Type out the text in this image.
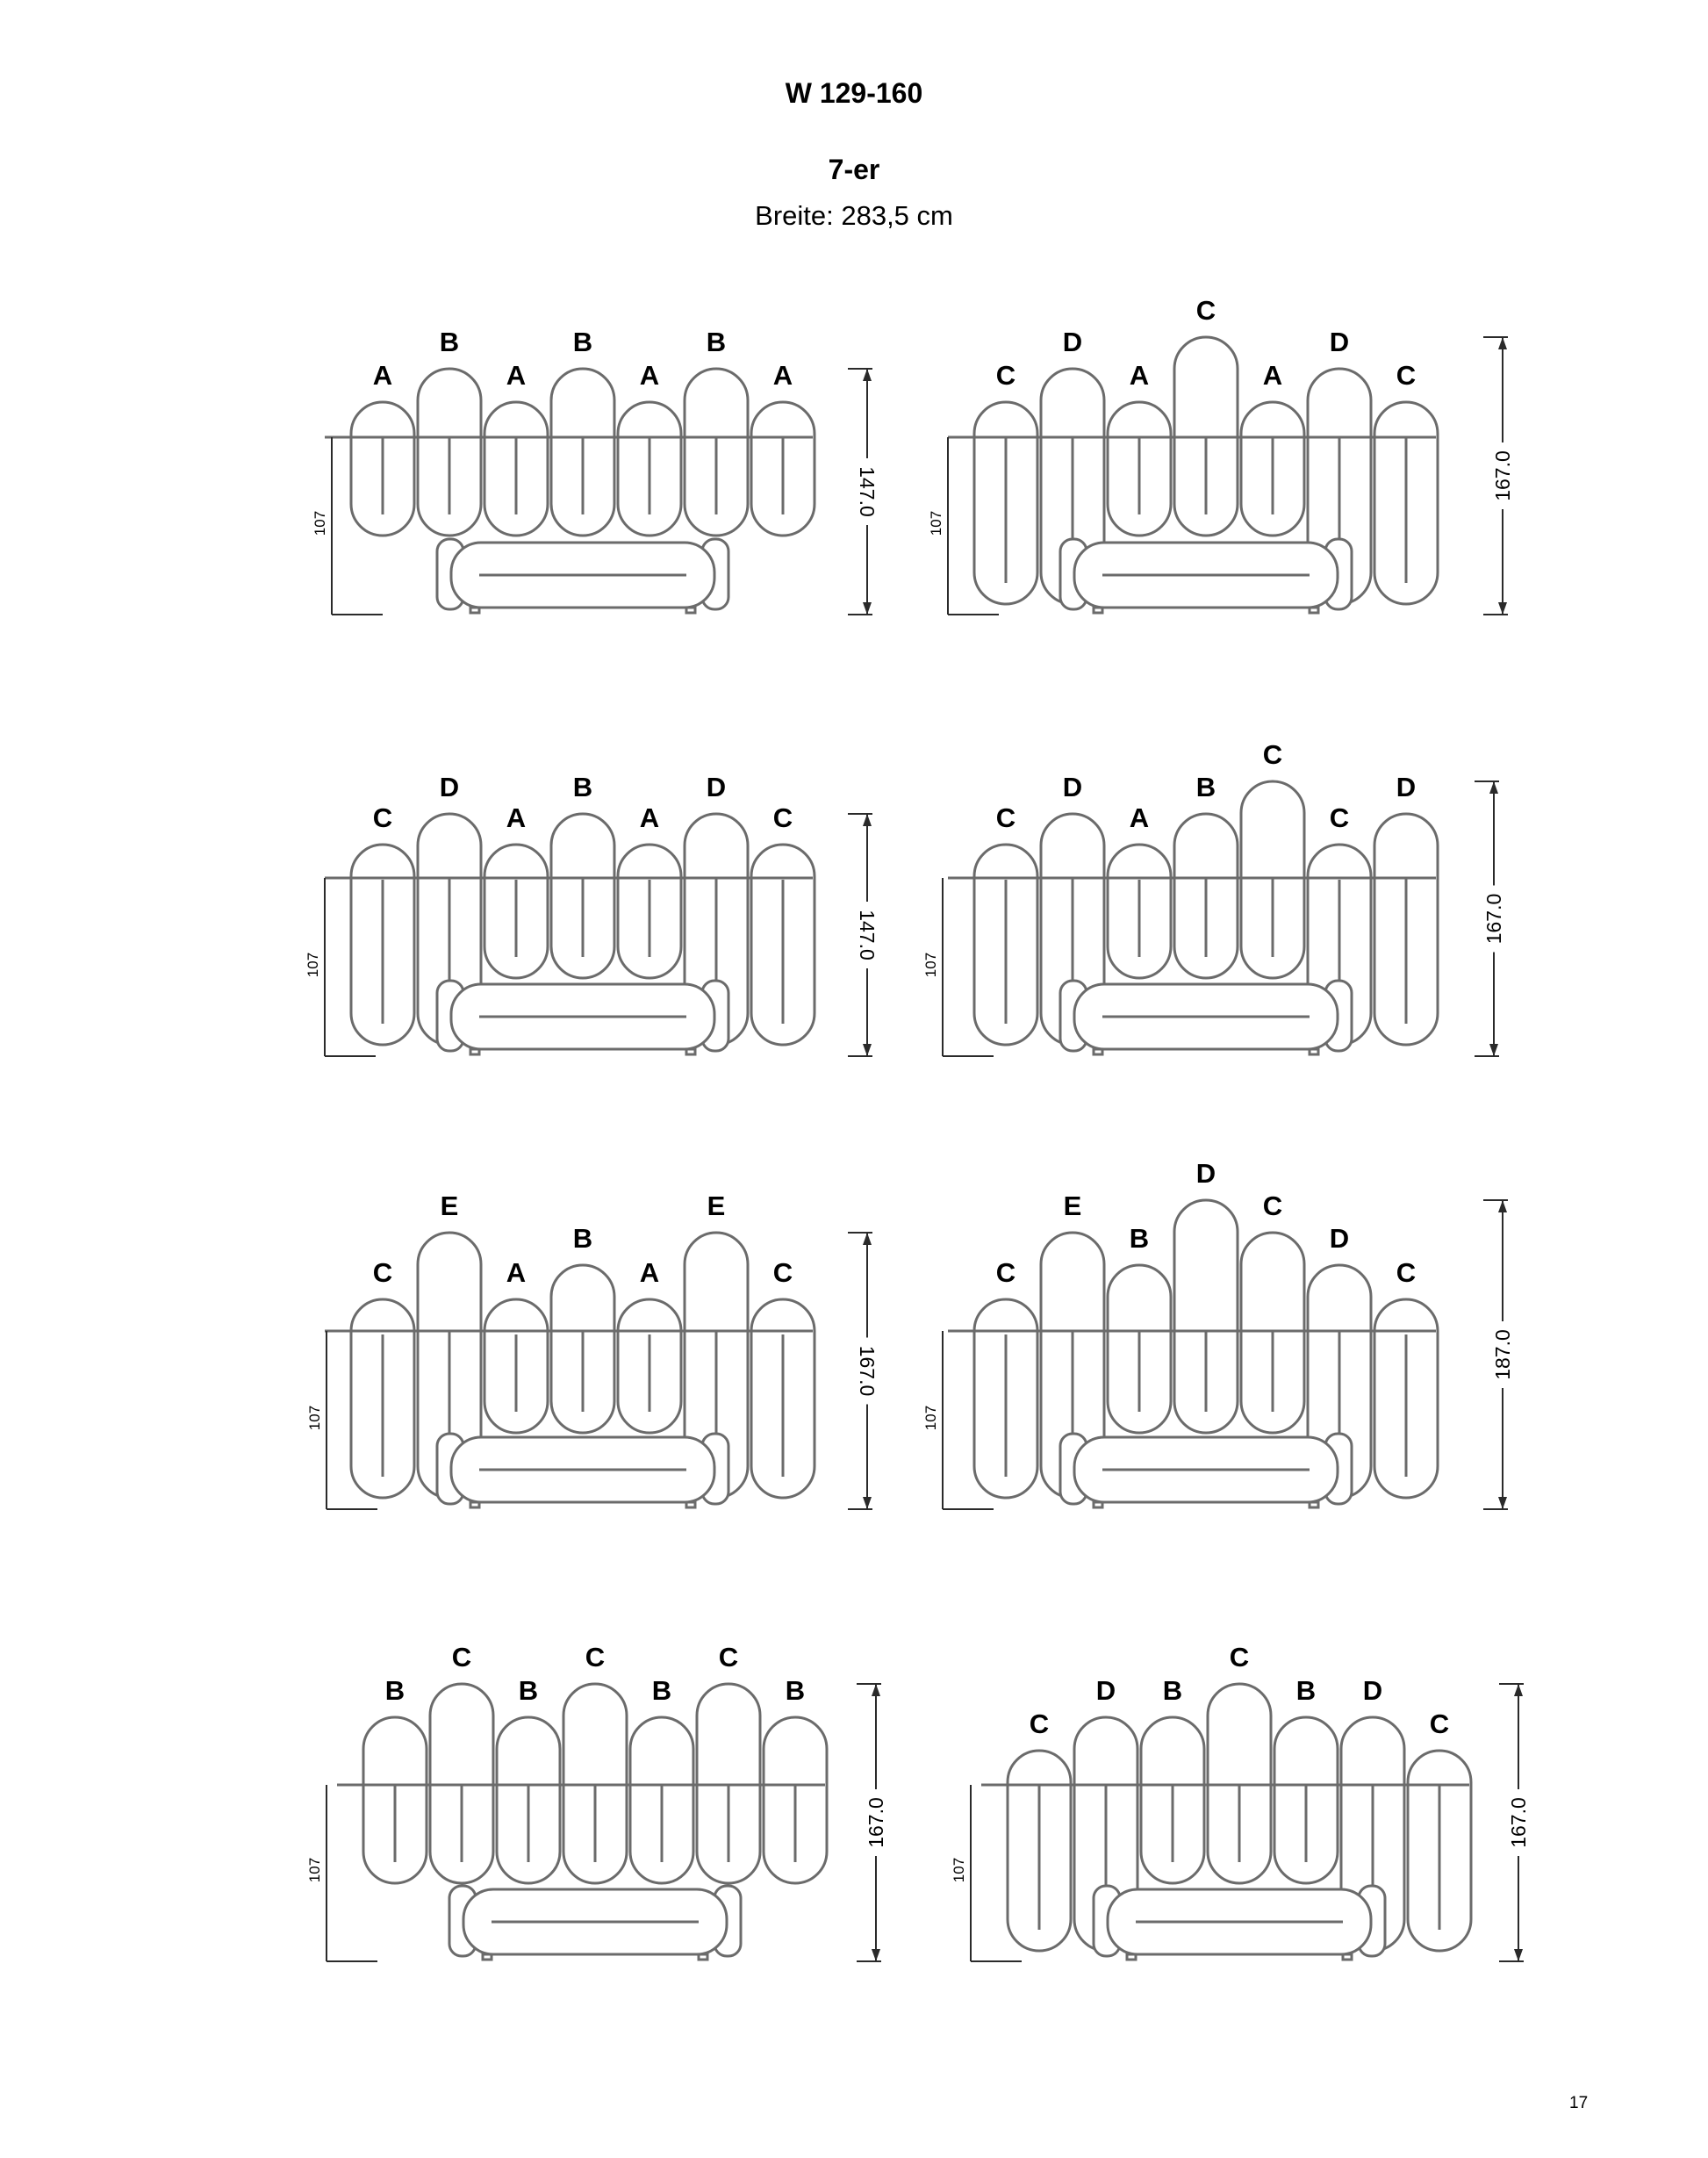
W 129-160
7-er
Breite: 283,5 cm
A
B
A
B
A
B
A
107
147.0
C
D
A
C
A
D
C
107
167.0
C
D
A
B
A
D
C
107
147.0
C
D
A
B
C
C
D
107
167.0
C
E
A
B
A
E
C
107
167.0
C
E
B
D
C
D
C
107
187.0
B
C
B
C
B
C
B
107
167.0
C
D B
C
B D
C
107
167.0
17
